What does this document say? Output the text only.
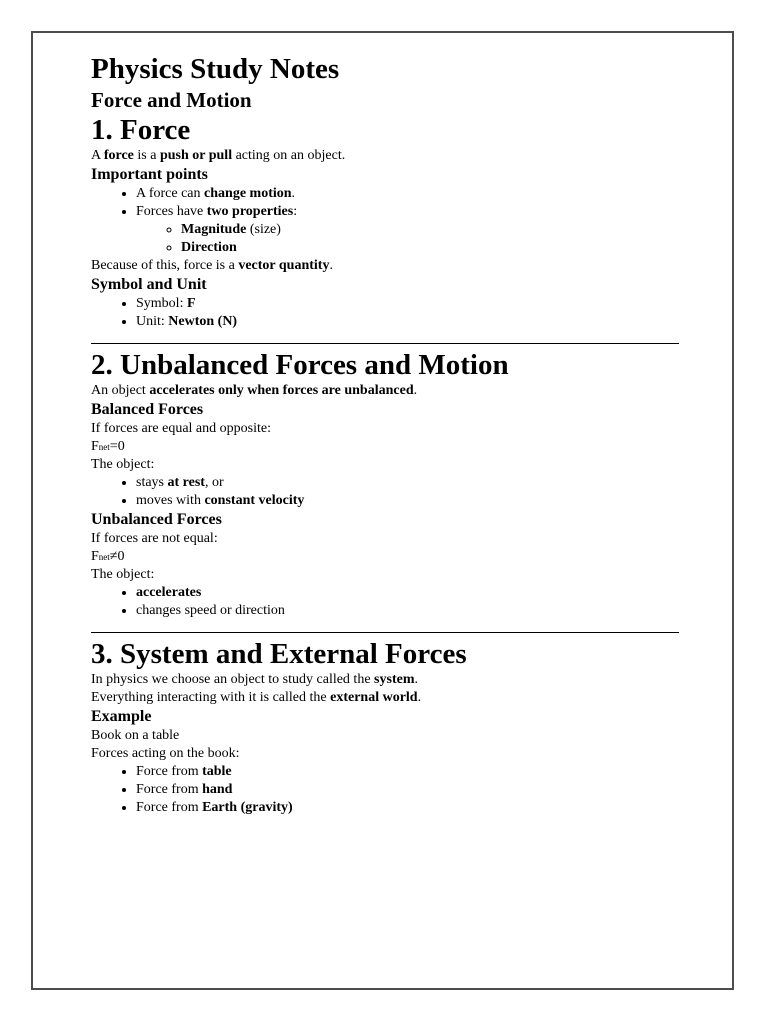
Physics Study Notes
Force and Motion
1. Force

A force is a push or pull acting on an object.

Important points
• A force can change motion.
• Forces have two properties:
◦ Magnitude (size)
◦ Direction

Because of this, force is a vector quantity.

Symbol and Unit
• Symbol: F
• Unit: Newton (N)
2. Unbalanced Forces and Motion

An object accelerates only when forces are unbalanced.

Balanced Forces

If forces are equal and opposite:

Fnet=0

The object:

• stays at rest, or
• moves with constant velocity
Unbalanced Forces

If forces are not equal:

Fnet≠0

The object:

• accelerates
• changes speed or direction
3. System and External Forces

In physics we choose an object to study called the system.

Everything interacting with it is called the external world.

Example

Book on a table

Forces acting on the book:

• Force from table
• Force from hand
• Force from Earth (gravity)
